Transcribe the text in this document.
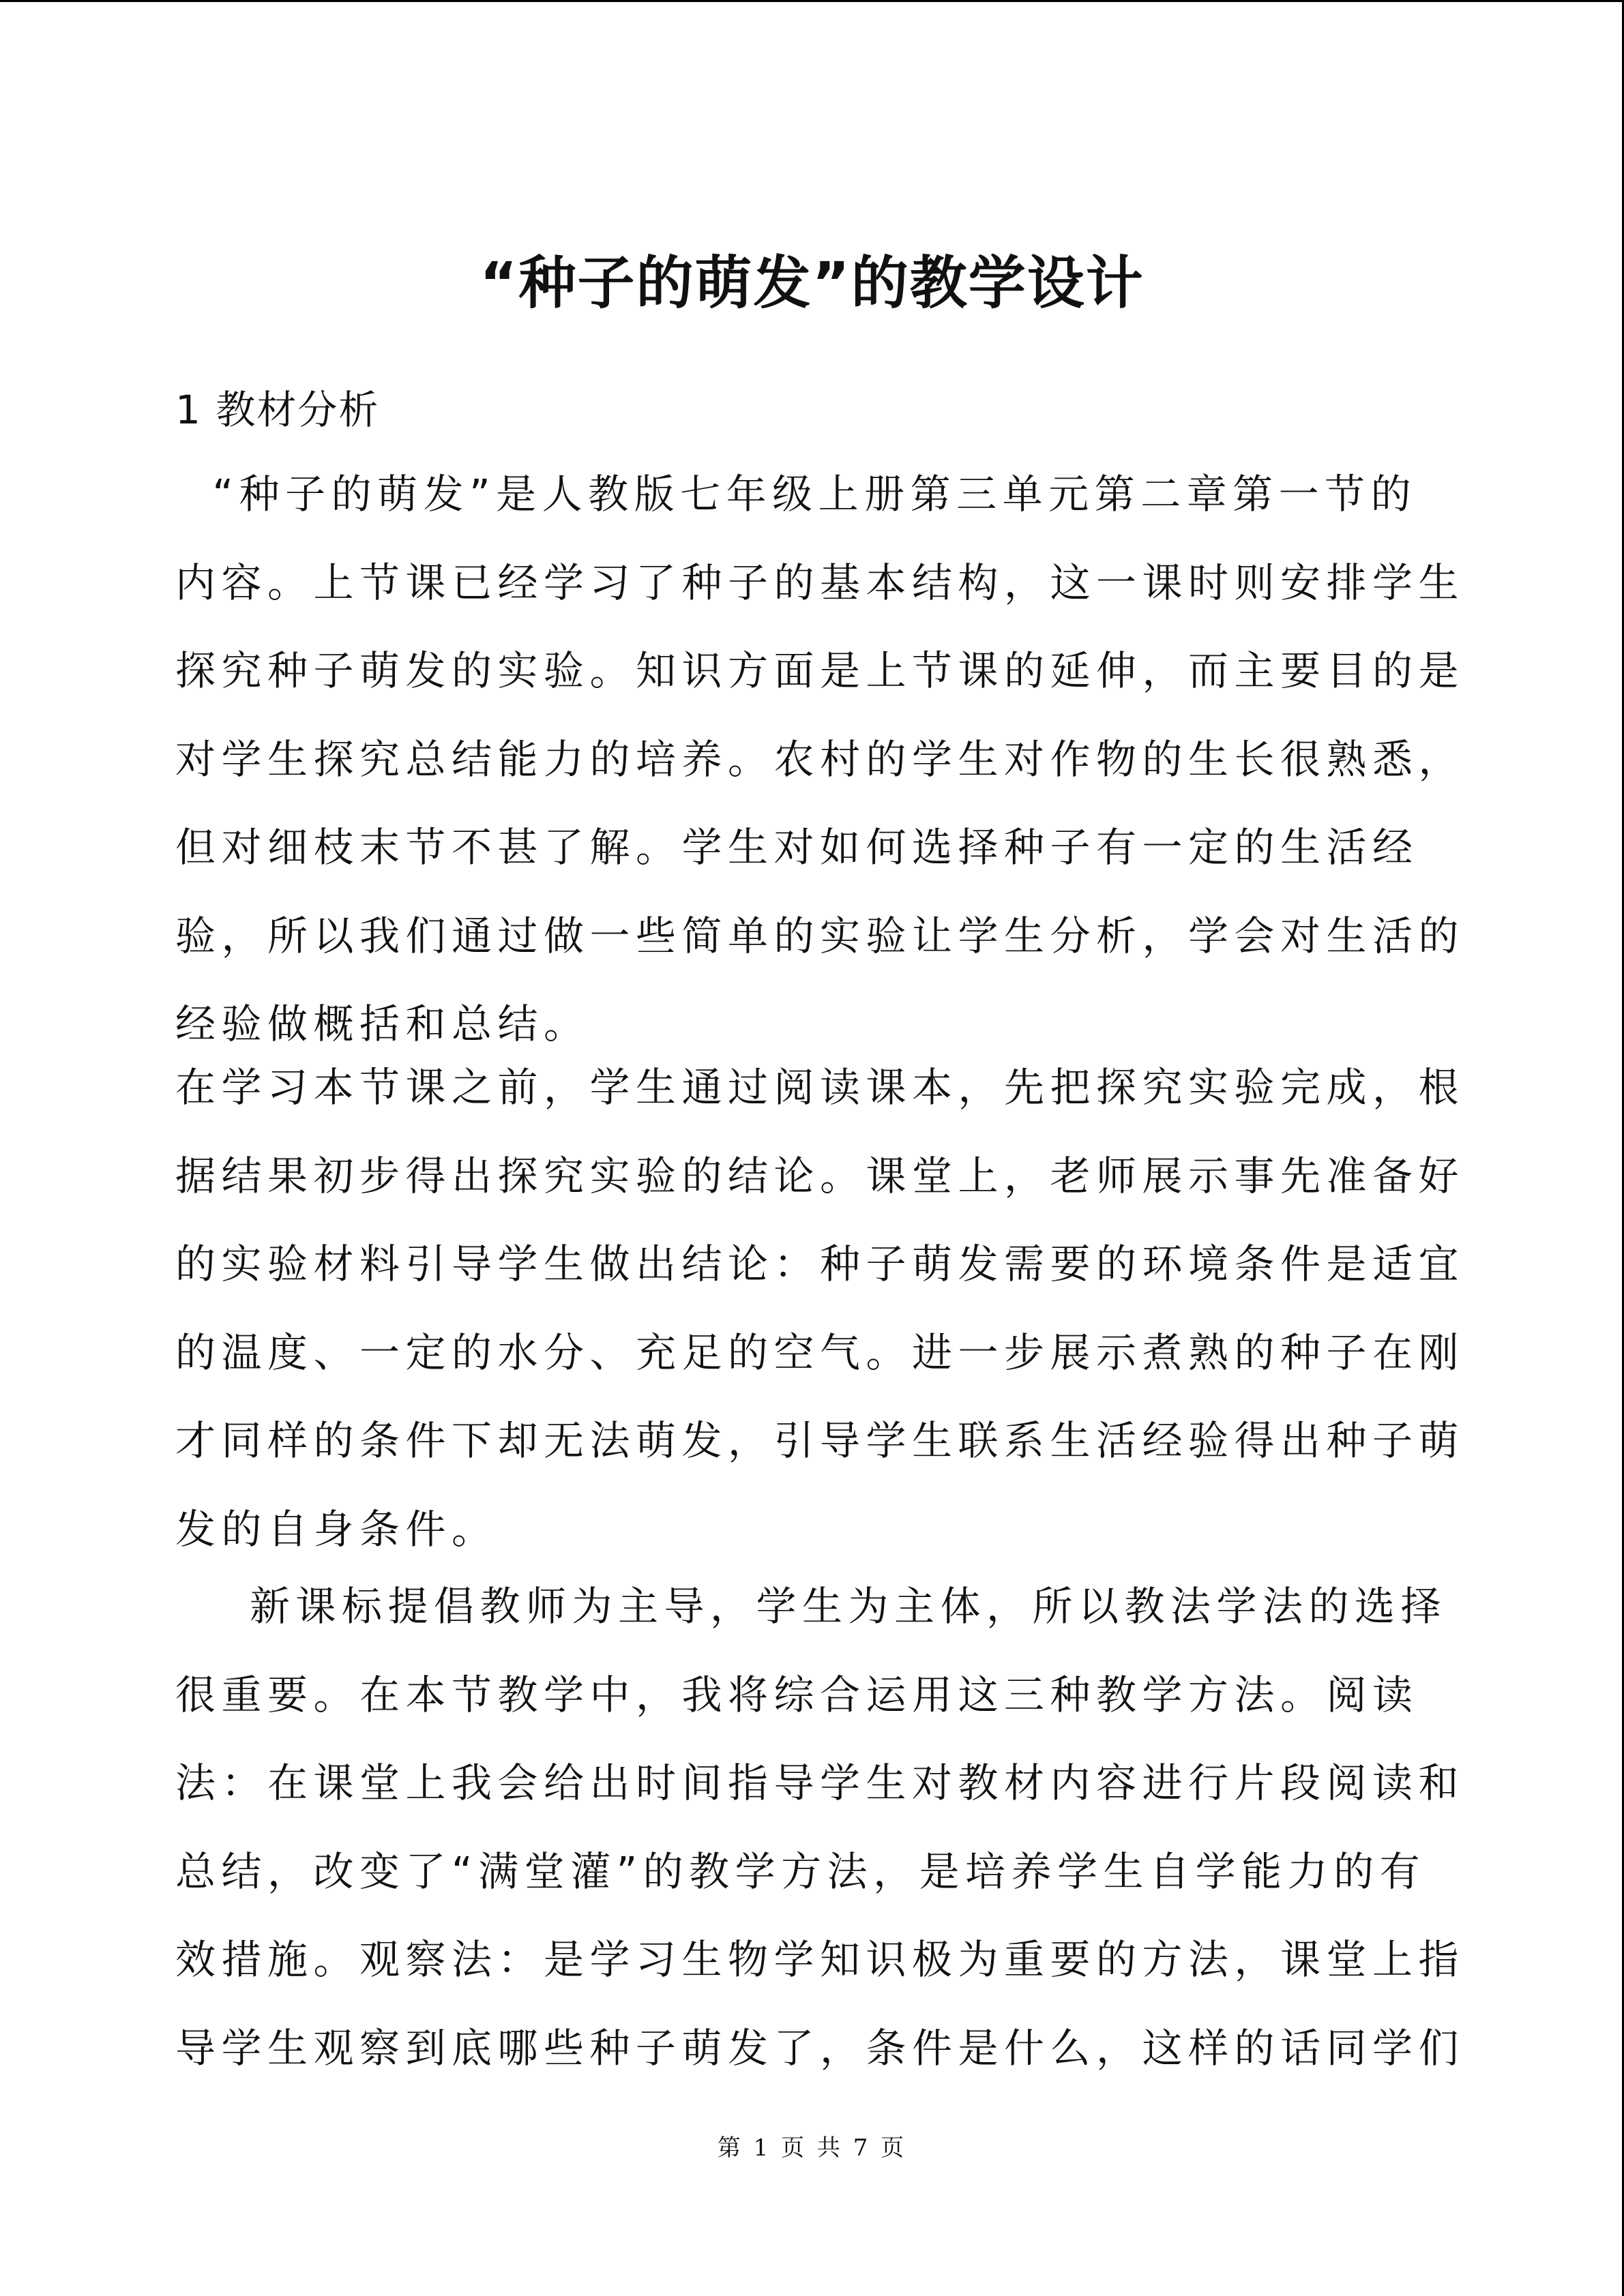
“种子的萌发”的教学设计
1 教材分析
“种子的萌发”是人教版七年级上册第三单元第二章第一节的
内容。上节课已经学习了种子的基本结构，这一课时则安排学生
探究种子萌发的实验。知识方面是上节课的延伸，而主要目的是
对学生探究总结能力的培养。农村的学生对作物的生长很熟悉，
但对细枝末节不甚了解。学生对如何选择种子有一定的生活经
验，所以我们通过做一些简单的实验让学生分析，学会对生活的
经验做概括和总结。
在学习本节课之前，学生通过阅读课本，先把探究实验完成，根
据结果初步得出探究实验的结论。课堂上，老师展示事先准备好
的实验材料引导学生做出结论：种子萌发需要的环境条件是适宜
的温度、一定的水分、充足的空气。进一步展示煮熟的种子在刚
才同样的条件下却无法萌发，引导学生联系生活经验得出种子萌
发的自身条件。
新课标提倡教师为主导，学生为主体，所以教法学法的选择
很重要。在本节教学中，我将综合运用这三种教学方法。阅读
法：在课堂上我会给出时间指导学生对教材内容进行片段阅读和
总结，改变了“满堂灌”的教学方法，是培养学生自学能力的有
效措施。观察法：是学习生物学知识极为重要的方法，课堂上指
导学生观察到底哪些种子萌发了，条件是什么，这样的话同学们
第 1 页 共 7 页
